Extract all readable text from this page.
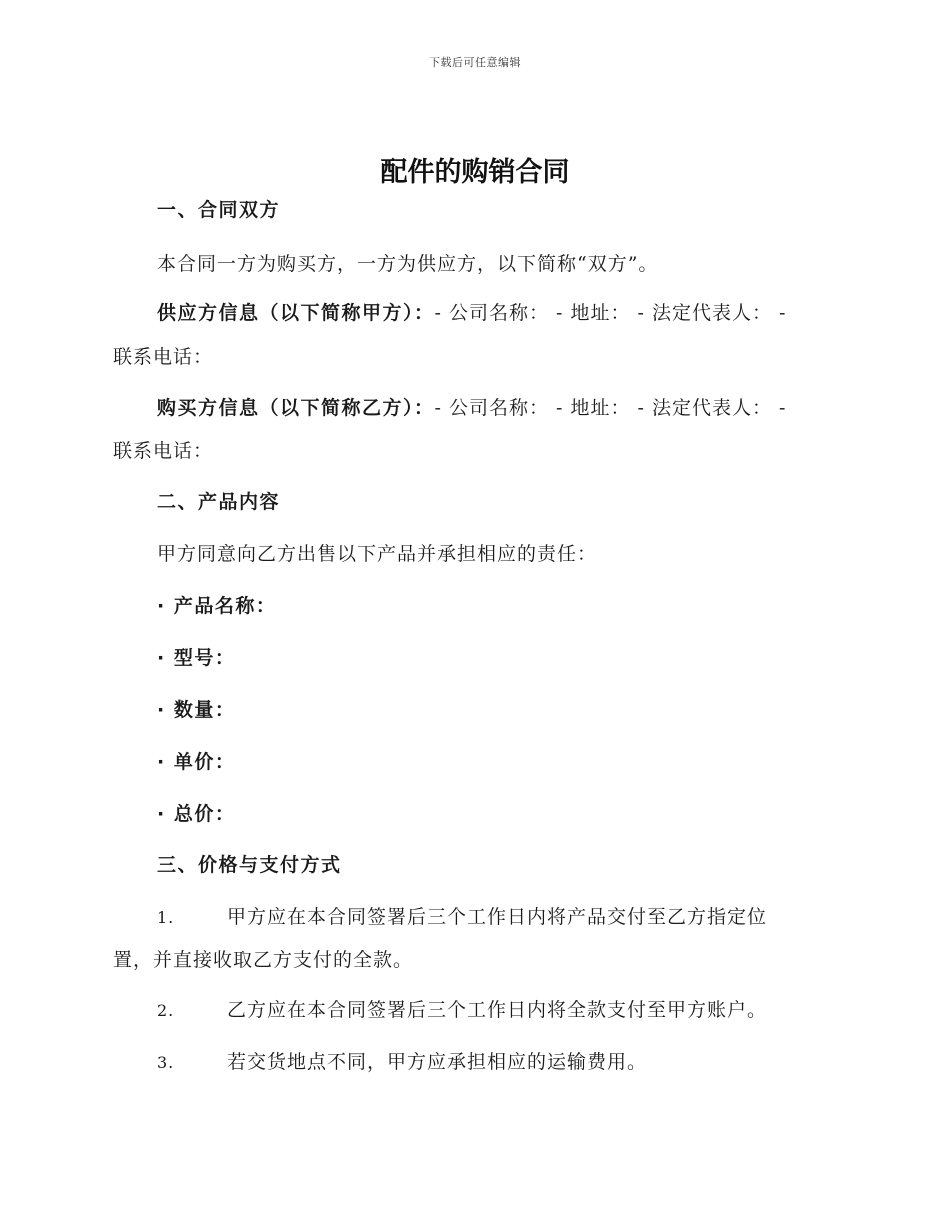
下载后可任意编辑
配件的购销合同
一、合同双方
本合同一方为购买方，一方为供应方，以下简称“双方”。
供应方信息（以下简称甲方）：- 公司名称： - 地址： - 法定代表人： -
联系电话：
购买方信息（以下简称乙方）：- 公司名称： - 地址： - 法定代表人： -
联系电话：
二、产品内容
甲方同意向乙方出售以下产品并承担相应的责任：
· 产品名称：
· 型号：
· 数量：
· 单价：
· 总价：
三、价格与支付方式
1.	甲方应在本合同签署后三个工作日内将产品交付至乙方指定位
置，并直接收取乙方支付的全款。
2.	乙方应在本合同签署后三个工作日内将全款支付至甲方账户。
3.	若交货地点不同，甲方应承担相应的运输费用。
